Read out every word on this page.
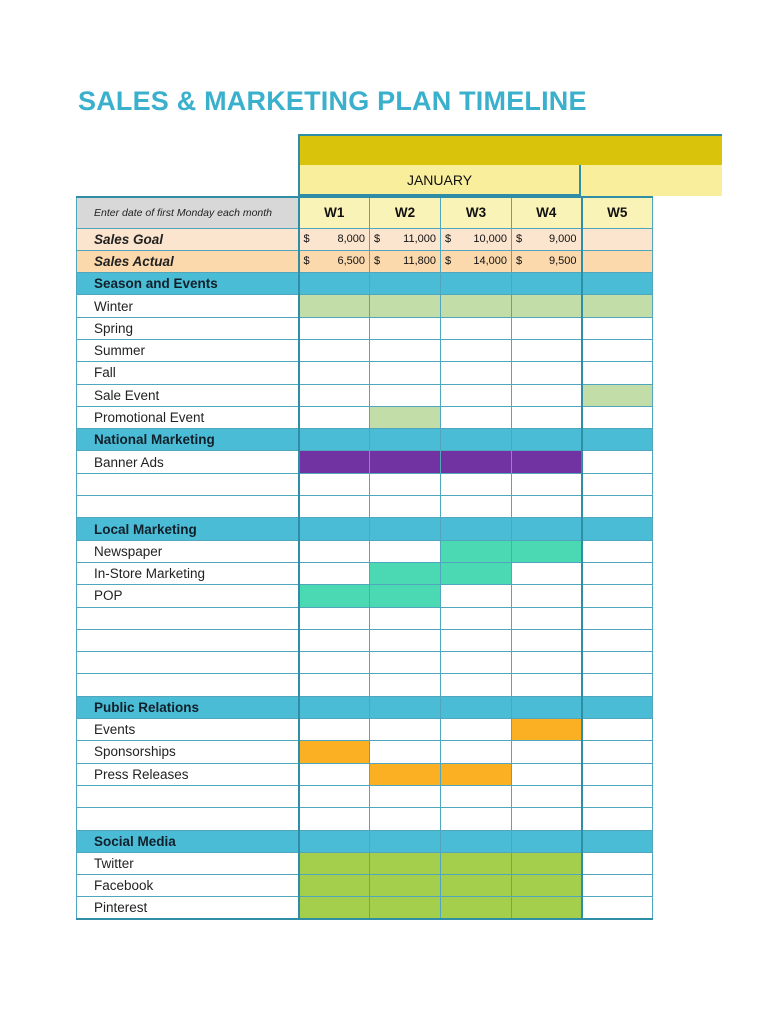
SALES & MARKETING PLAN TIMELINE
JANUARY
Enter date of first Monday each month	W1	W2	W3	W4	W5
Sales Goal	$ 8,000	$ 11,000	$ 10,000	$ 9,000	

Sales Actual	$ 6,500	$ 11,800	$ 14,000	$ 9,500	

Season and Events					
Winter					
Spring					
Summer					
Fall					
Sale Event					
Promotional Event					
National Marketing					
Banner Ads					

Local Marketing					
Newspaper					
In-Store Marketing					
POP					

Public Relations					
Events					
Sponsorships					
Press Releases					

Social Media					
Twitter					
Facebook					
Pinterest					
